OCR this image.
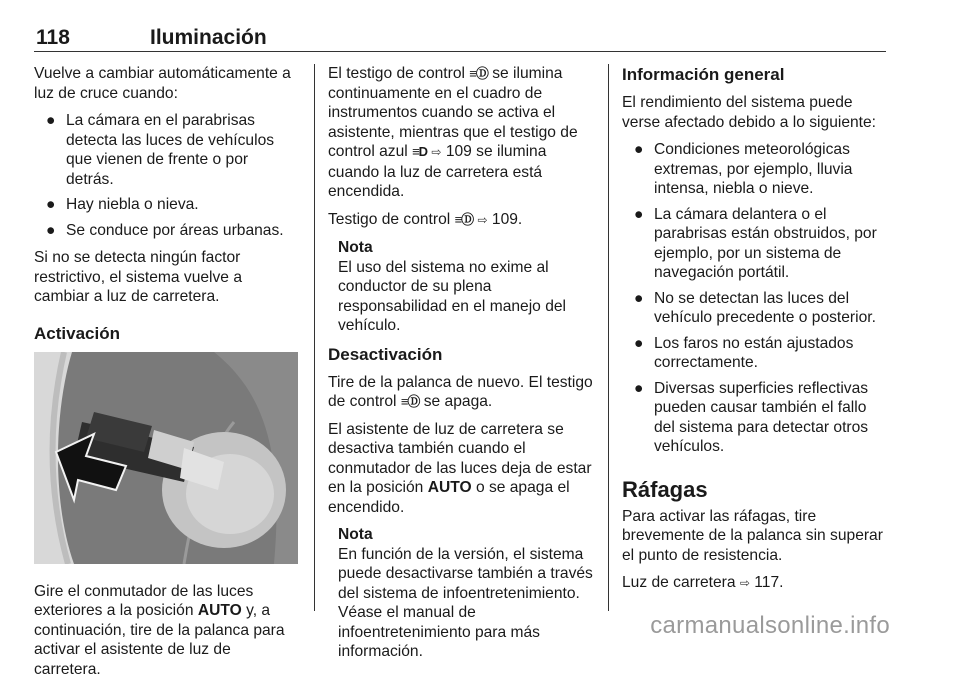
118	Iluminación

Vuelve a cambiar automáticamente a luz de cruce cuando:

● La cámara en el parabrisas detecta las luces de vehículos que vienen de frente o por detrás.
● Hay niebla o nieva.
● Se conduce por áreas urbanas.

Si no se detecta ningún factor restrictivo, el sistema vuelve a cambiar a luz de carretera.

Activación

Gire el conmutador de las luces exteriores a la posición AUTO y, a continuación, tire de la palanca para activar el asistente de luz de carretera.

El testigo de control ≡Ⓓ se ilumina continuamente en el cuadro de instrumentos cuando se activa el asistente, mientras que el testigo de control azul ≡D ⇨ 109 se ilumina cuando la luz de carretera está encendida.

Testigo de control ≡Ⓓ ⇨ 109.

Nota
El uso del sistema no exime al conductor de su plena responsabilidad en el manejo del vehículo.
Desactivación

Tire de la palanca de nuevo. El testigo de control ≡Ⓓ se apaga.

El asistente de luz de carretera se desactiva también cuando el conmutador de las luces deja de estar en la posición AUTO o se apaga el encendido.

Nota
En función de la versión, el sistema puede desactivarse también a través del sistema de infoentretenimiento. Véase el manual de infoentretenimiento para más información.
Información general

El rendimiento del sistema puede verse afectado debido a lo siguiente:

● Condiciones meteorológicas extremas, por ejemplo, lluvia intensa, niebla o nieve.
● La cámara delantera o el parabrisas están obstruidos, por ejemplo, por un sistema de navegación portátil.
● No se detectan las luces del vehículo precedente o posterior.
● Los faros no están ajustados correctamente.
● Diversas superficies reflectivas pueden causar también el fallo del sistema para detectar otros vehículos.
Ráfagas

Para activar las ráfagas, tire brevemente de la palanca sin superar el punto de resistencia.

Luz de carretera ⇨ 117.

carmanualsonline.info
